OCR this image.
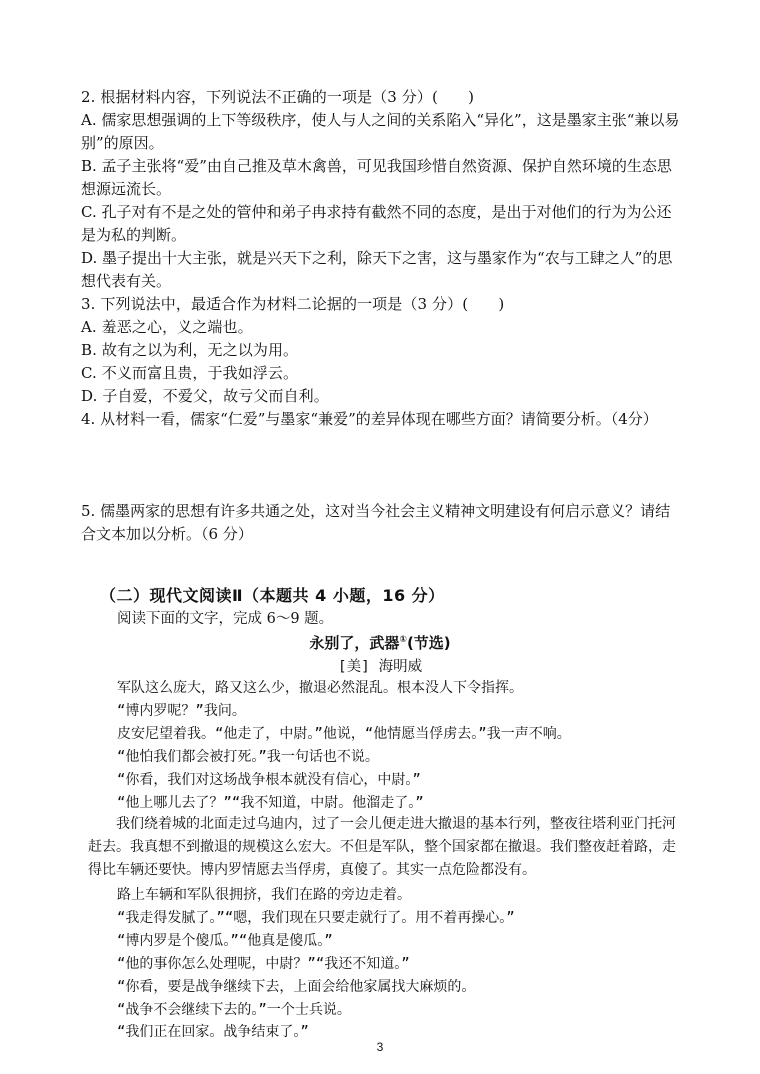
2. 根据材料内容，下列说法不正确的一项是（3 分）(　　)
A. 儒家思想强调的上下等级秩序，使人与人之间的关系陷入“异化”，这是墨家主张“兼以易别”的原因。
B. 孟子主张将“爱”由自己推及草木禽兽，可见我国珍惜自然资源、保护自然环境的生态思想源远流长。
C. 孔子对有不是之处的管仲和弟子冉求持有截然不同的态度，是出于对他们的行为为公还是为私的判断。
D. 墨子提出十大主张，就是兴天下之利，除天下之害，这与墨家作为“农与工肆之人”的思想代表有关。
3. 下列说法中，最适合作为材料二论据的一项是（3 分）(　　)
A. 羞恶之心，义之端也。
B. 故有之以为利，无之以为用。
C. 不义而富且贵，于我如浮云。
D. 子自爱，不爱父，故亏父而自利。
4. 从材料一看，儒家“仁爱”与墨家“兼爱”的差异体现在哪些方面？请简要分析。（4分）
5. 儒墨两家的思想有许多共通之处，这对当今社会主义精神文明建设有何启示意义？请结合文本加以分析。（6 分）
（二）现代文阅读Ⅱ（本题共 4 小题，16 分）
阅读下面的文字，完成 6～9 题。
永别了，武器①(节选)
[美] 海明威
军队这么庞大，路又这么少，撤退必然混乱。根本没人下令指挥。
“博内罗呢？”我问。
皮安尼望着我。“他走了，中尉。”他说，“他情愿当俘虏去。”我一声不响。
“他怕我们都会被打死。”我一句话也不说。
“你看，我们对这场战争根本就没有信心，中尉。”
“他上哪儿去了？”“我不知道，中尉。他溜走了。”
我们绕着城的北面走过乌迪内，过了一会儿便走进大撤退的基本行列，整夜往塔利亚门托河赶去。我真想不到撤退的规模这么宏大。不但是军队，整个国家都在撤退。我们整夜赶着路，走得比车辆还要快。博内罗情愿去当俘虏，真傻了。其实一点危险都没有。
路上车辆和军队很拥挤，我们在路的旁边走着。
“我走得发腻了。”“嗯，我们现在只要走就行了。用不着再操心。”
“博内罗是个傻瓜。”“他真是傻瓜。”
“他的事你怎么处理呢，中尉？”“我还不知道。”
“你看，要是战争继续下去，上面会给他家属找大麻烦的。
“战争不会继续下去的。”一个士兵说。
“我们正在回家。战争结束了。”
3
